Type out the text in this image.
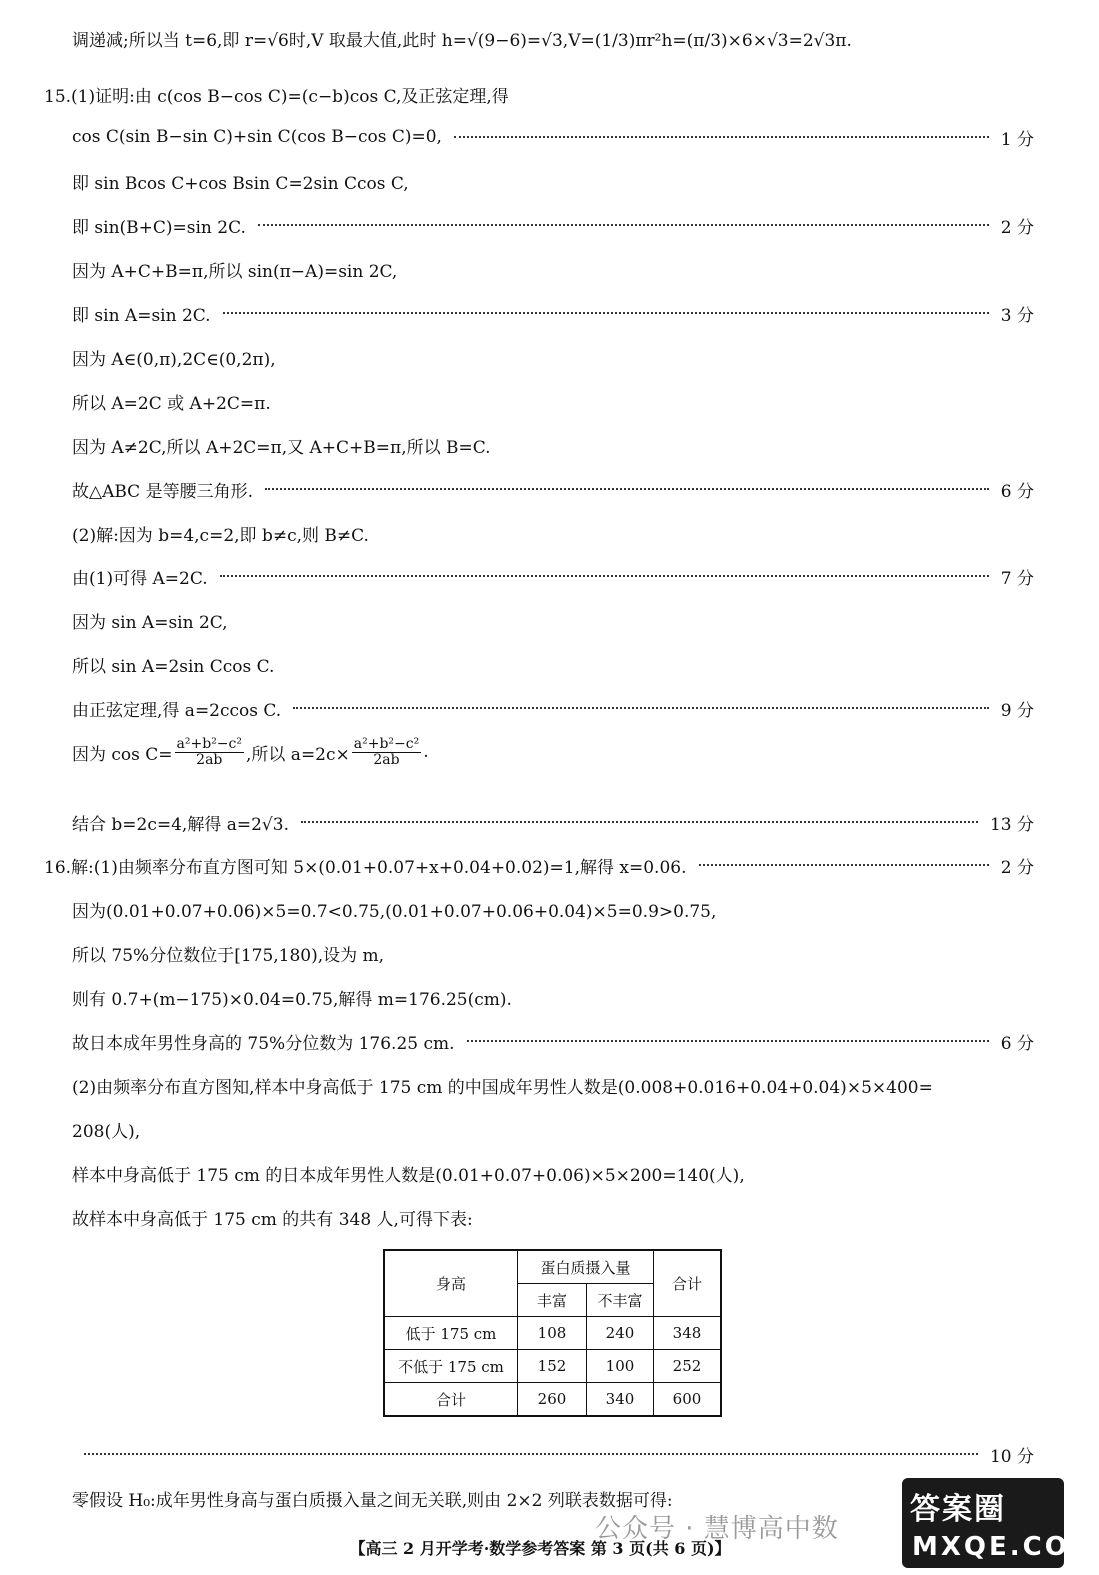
调递减;所以当 t=6,即 r=√6时,V 取最大值,此时 h=√(9−6)=√3,V=(1/3)πr²h=(π/3)×6×√3=2√3π.
15.(1)证明:由 c(cos B−cos C)=(c−b)cos C,及正弦定理,得
cos C(sin B−sin C)+sin C(cos B−cos C)=0,	1 分
即 sin Bcos C+cos Bsin C=2sin Ccos C,
即 sin(B+C)=sin 2C.	2 分
因为 A+C+B=π,所以 sin(π−A)=sin 2C,
即 sin A=sin 2C.	3 分
因为 A∈(0,π),2C∈(0,2π),
所以 A=2C 或 A+2C=π.
因为 A≠2C,所以 A+2C=π,又 A+C+B=π,所以 B=C.
故△ABC 是等腰三角形.	6 分
(2)解:因为 b=4,c=2,即 b≠c,则 B≠C.
由(1)可得 A=2C.	7 分
因为 sin A=sin 2C,
所以 sin A=2sin Ccos C.
由正弦定理,得 a=2ccos C.	9 分
结合 b=2c=4,解得 a=2√3.	13 分
16.解:(1)由频率分布直方图可知 5×(0.01+0.07+x+0.04+0.02)=1,解得 x=0.06.	2 分
因为(0.01+0.07+0.06)×5=0.7<0.75,(0.01+0.07+0.06+0.04)×5=0.9>0.75,
所以 75%分位数位于[175,180),设为 m,
则有 0.7+(m−175)×0.04=0.75,解得 m=176.25(cm).
故日本成年男性身高的 75%分位数为 176.25 cm.	6 分
(2)由频率分布直方图知,样本中身高低于 175 cm 的中国成年男性人数是(0.008+0.016+0.04+0.04)×5×400=
208(人),
样本中身高低于 175 cm 的日本成年男性人数是(0.01+0.07+0.06)×5×200=140(人),
故样本中身高低于 175 cm 的共有 348 人,可得下表:
10 分
零假设 H₀:成年男性身高与蛋白质摄入量之间无关联,则由 2×2 列联表数据可得:
因为 $\cos C= \frac{\text{a²+b²−c²}}{2ab}$ ,所以 $a=2c\times \frac{\text{a²+b²−c²}}{2ab}$ .
身高	蛋白质摄入量		合计
	丰富	不丰富	
低于 175 cm	108	240	348
不低于 175 cm	152	100	252
合计	260	340	600
公众号 · 慧博高中数
答案圈
MXQE.COM
【高三 2 月开学考·数学参考答案 第 3 页(共 6 页)】
